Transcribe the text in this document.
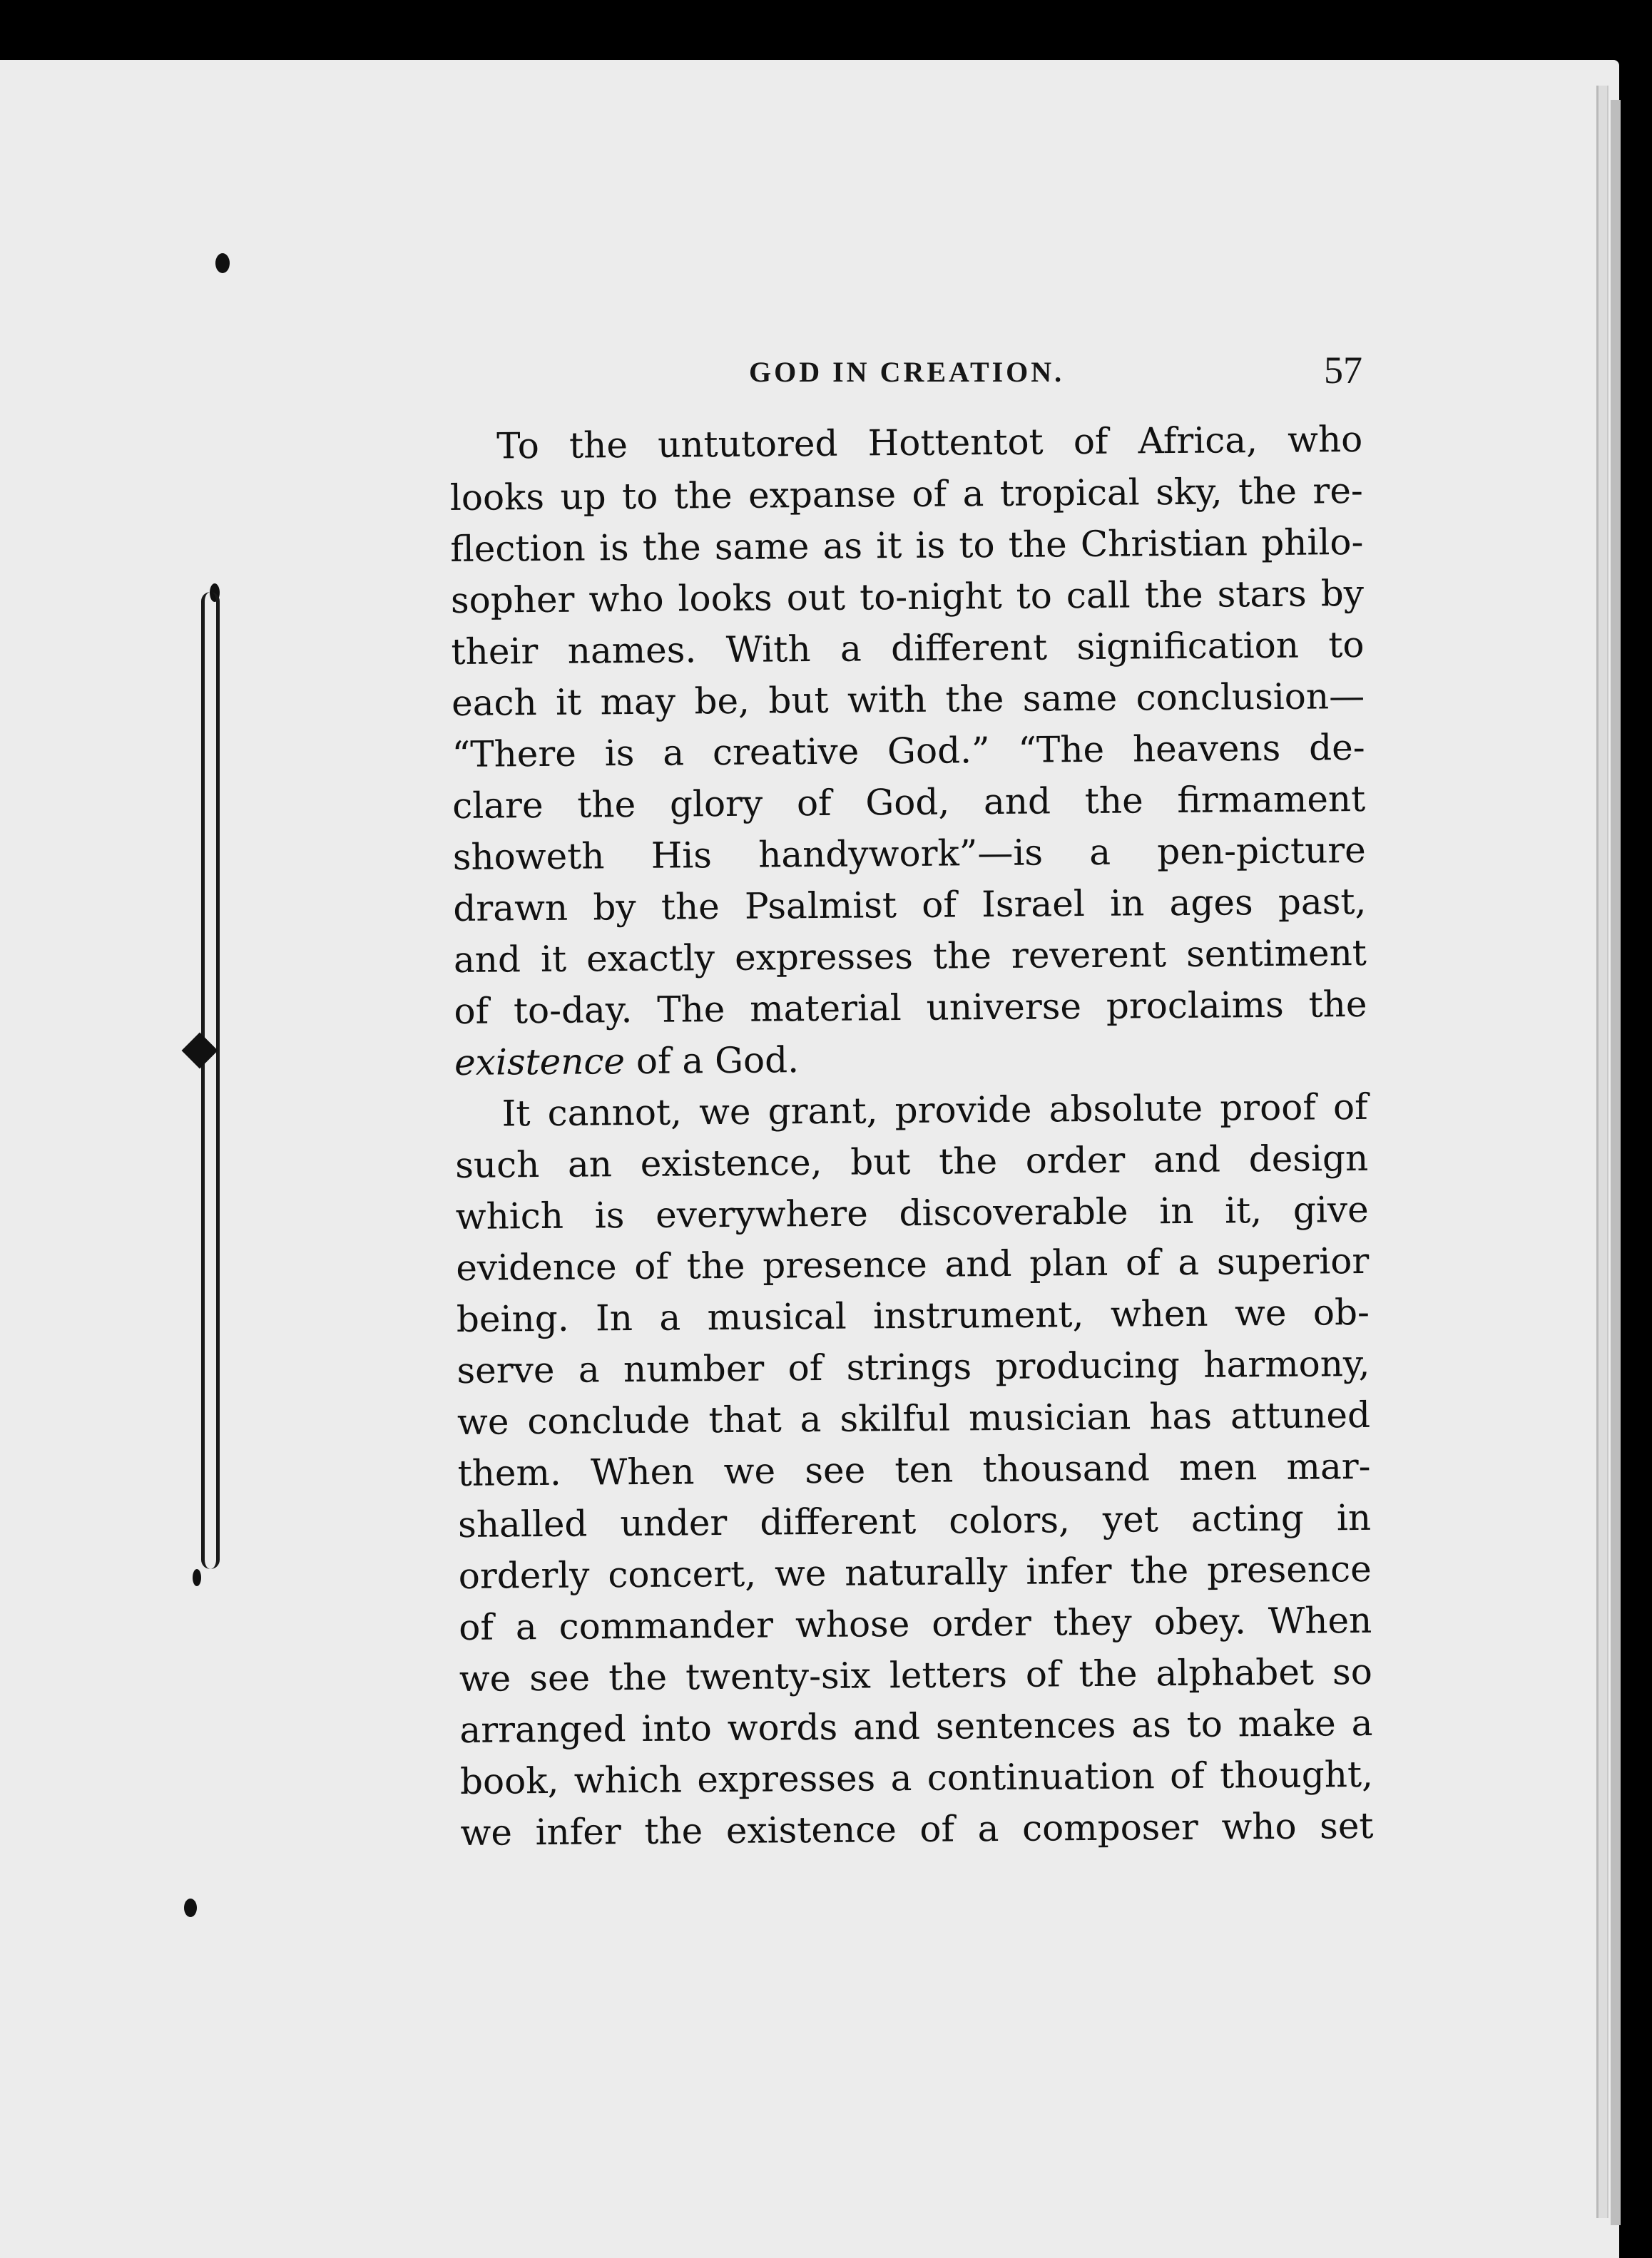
GOD IN CREATION.	57
To the untutored Hottentot of Africa, who
looks up to the expanse of a tropical sky, the re-
flection is the same as it is to the Christian philo-
sopher who looks out to-night to call the stars by
their names. With a different signification to
each it may be, but with the same conclusion—
“There is a creative God.” “The heavens de-
clare the glory of God, and the firmament
showeth His handywork”—is a pen-picture
drawn by the Psalmist of Israel in ages past,
and it exactly expresses the reverent sentiment
of to-day. The material universe proclaims the
existence of a God.
It cannot, we grant, provide absolute proof of
such an existence, but the order and design
which is everywhere discoverable in it, give
evidence of the presence and plan of a superior
being. In a musical instrument, when we ob-
serve a number of strings producing harmony,
we conclude that a skilful musician has attuned
them. When we see ten thousand men mar-
shalled under different colors, yet acting in
orderly concert, we naturally infer the presence
of a commander whose order they obey. When
we see the twenty-six letters of the alphabet so
arranged into words and sentences as to make a
book, which expresses a continuation of thought,
we infer the existence of a composer who set
